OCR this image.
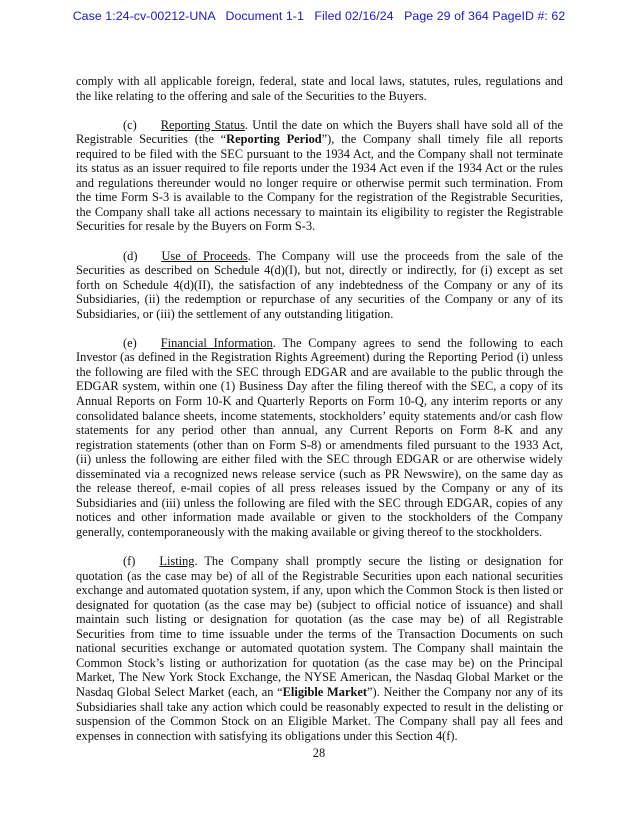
Case 1:24-cv-00212-UNA Document 1-1 Filed 02/16/24 Page 29 of 364 PageID #: 62

comply with all applicable foreign, federal, state and local laws, statutes, rules, regulations and the like relating to the offering and sale of the Securities to the Buyers.

(c) Reporting Status. Until the date on which the Buyers shall have sold all of the Registrable Securities (the “Reporting Period”), the Company shall timely file all reports required to be filed with the SEC pursuant to the 1934 Act, and the Company shall not terminate its status as an issuer required to file reports under the 1934 Act even if the 1934 Act or the rules and regulations thereunder would no longer require or otherwise permit such termination. From the time Form S-3 is available to the Company for the registration of the Registrable Securities, the Company shall take all actions necessary to maintain its eligibility to register the Registrable Securities for resale by the Buyers on Form S-3.

(d) Use of Proceeds. The Company will use the proceeds from the sale of the Securities as described on Schedule 4(d)(I), but not, directly or indirectly, for (i) except as set forth on Schedule 4(d)(II), the satisfaction of any indebtedness of the Company or any of its Subsidiaries, (ii) the redemption or repurchase of any securities of the Company or any of its Subsidiaries, or (iii) the settlement of any outstanding litigation.

(e) Financial Information. The Company agrees to send the following to each Investor (as defined in the Registration Rights Agreement) during the Reporting Period (i) unless the following are filed with the SEC through EDGAR and are available to the public through the EDGAR system, within one (1) Business Day after the filing thereof with the SEC, a copy of its Annual Reports on Form 10-K and Quarterly Reports on Form 10-Q, any interim reports or any consolidated balance sheets, income statements, stockholders’ equity statements and/or cash flow statements for any period other than annual, any Current Reports on Form 8-K and any registration statements (other than on Form S-8) or amendments filed pursuant to the 1933 Act, (ii) unless the following are either filed with the SEC through EDGAR or are otherwise widely disseminated via a recognized news release service (such as PR Newswire), on the same day as the release thereof, e-mail copies of all press releases issued by the Company or any of its Subsidiaries and (iii) unless the following are filed with the SEC through EDGAR, copies of any notices and other information made available or given to the stockholders of the Company generally, contemporaneously with the making available or giving thereof to the stockholders.

(f) Listing. The Company shall promptly secure the listing or designation for quotation (as the case may be) of all of the Registrable Securities upon each national securities exchange and automated quotation system, if any, upon which the Common Stock is then listed or designated for quotation (as the case may be) (subject to official notice of issuance) and shall maintain such listing or designation for quotation (as the case may be) of all Registrable Securities from time to time issuable under the terms of the Transaction Documents on such national securities exchange or automated quotation system. The Company shall maintain the Common Stock’s listing or authorization for quotation (as the case may be) on the Principal Market, The New York Stock Exchange, the NYSE American, the Nasdaq Global Market or the Nasdaq Global Select Market (each, an “Eligible Market”). Neither the Company nor any of its Subsidiaries shall take any action which could be reasonably expected to result in the delisting or suspension of the Common Stock on an Eligible Market. The Company shall pay all fees and expenses in connection with satisfying its obligations under this Section 4(f).

28
